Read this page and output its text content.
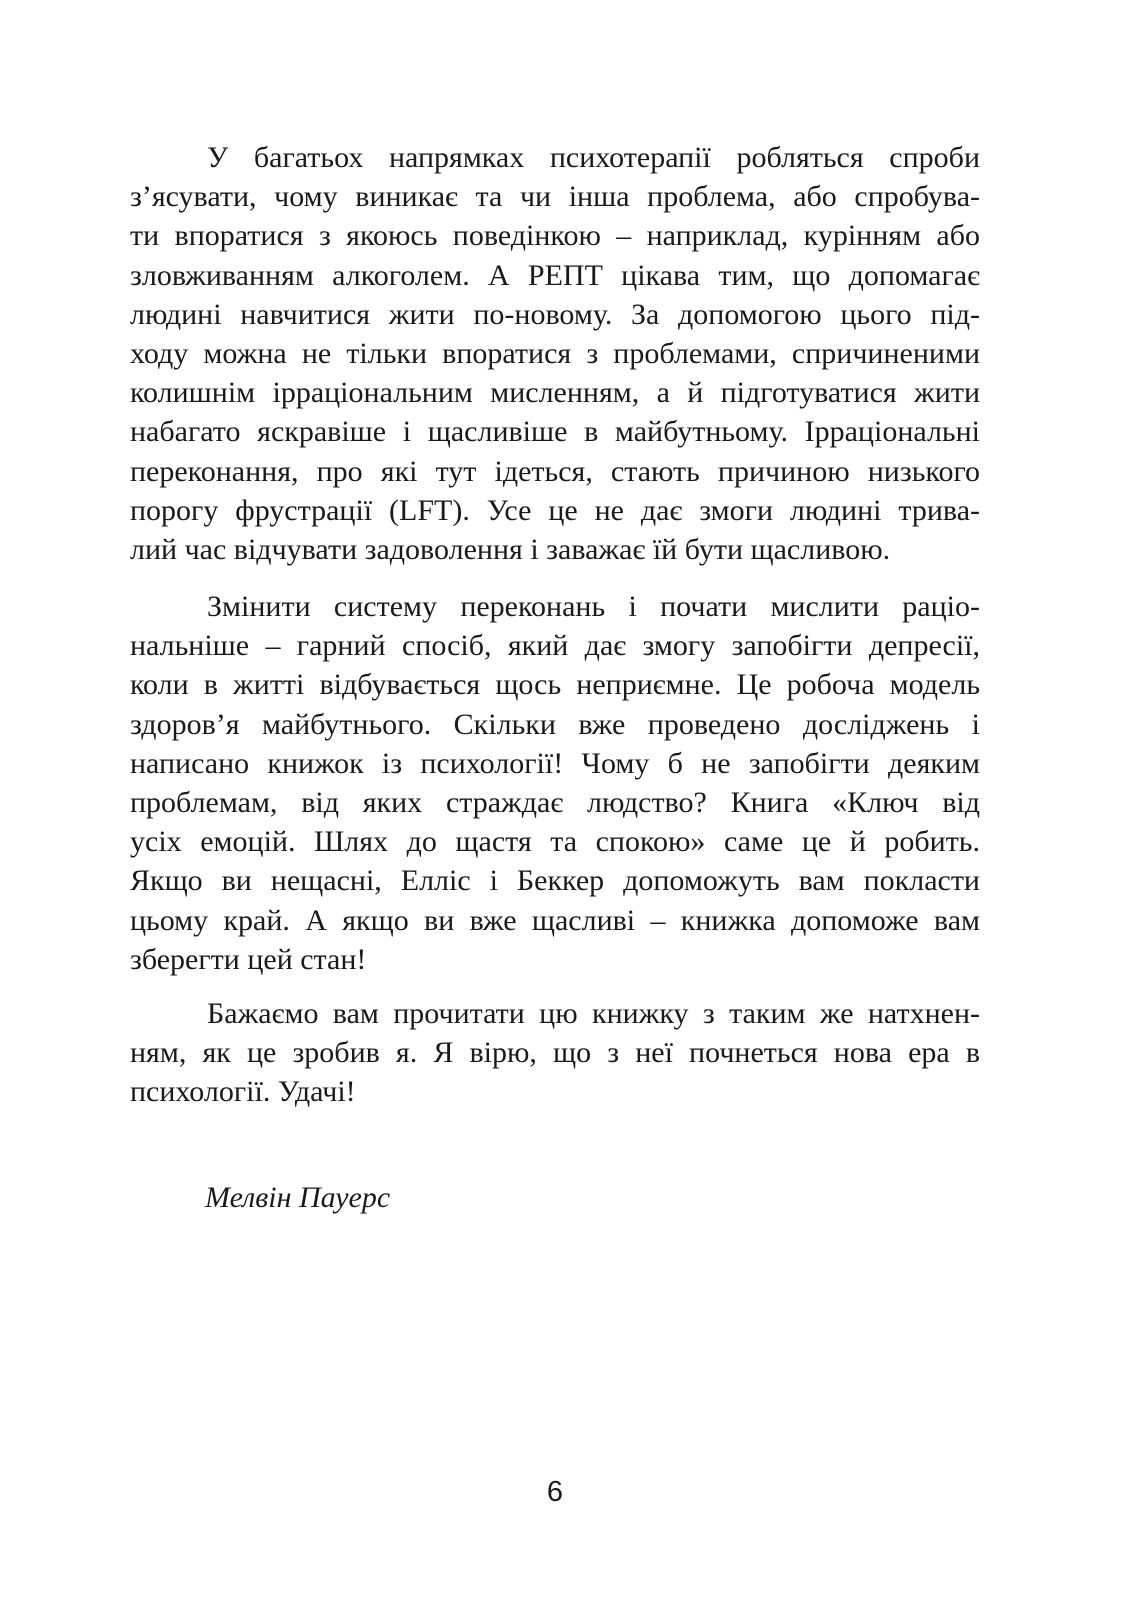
У багатьох напрямках психотерапії робляться спроби
з’ясувати, чому виникає та чи інша проблема, або спробува-
ти впоратися з якоюсь поведінкою – наприклад, курінням або
зловживанням алкоголем. А РЕПТ цікава тим, що допомагає
людині навчитися жити по-новому. За допомогою цього під-
ходу можна не тільки впоратися з проблемами, спричиненими
колишнім ірраціональним мисленням, а й підготуватися жити
набагато яскравіше і щасливіше в майбутньому. Ірраціональні
переконання, про які тут ідеться, стають причиною низького
порогу фрустрації (LFT). Усе це не дає змоги людині трива-
лий час відчувати задоволення і заважає їй бути щасливою.
Змінити систему переконань і почати мислити раціо-
нальніше – гарний спосіб, який дає змогу запобігти депресії,
коли в житті відбувається щось неприємне. Це робоча модель
здоров’я майбутнього. Скільки вже проведено досліджень і
написано книжок із психології! Чому б не запобігти деяким
проблемам, від яких страждає людство? Книга «Ключ від
усіх емоцій. Шлях до щастя та спокою» саме це й робить.
Якщо ви нещасні, Елліс і Беккер допоможуть вам покласти
цьому край. А якщо ви вже щасливі – книжка допоможе вам
зберегти цей стан!
Бажаємо вам прочитати цю книжку з таким же натхнен-
ням, як це зробив я. Я вірю, що з неї почнеться нова ера в
психології. Удачі!
Мелвін Пауерс
6
